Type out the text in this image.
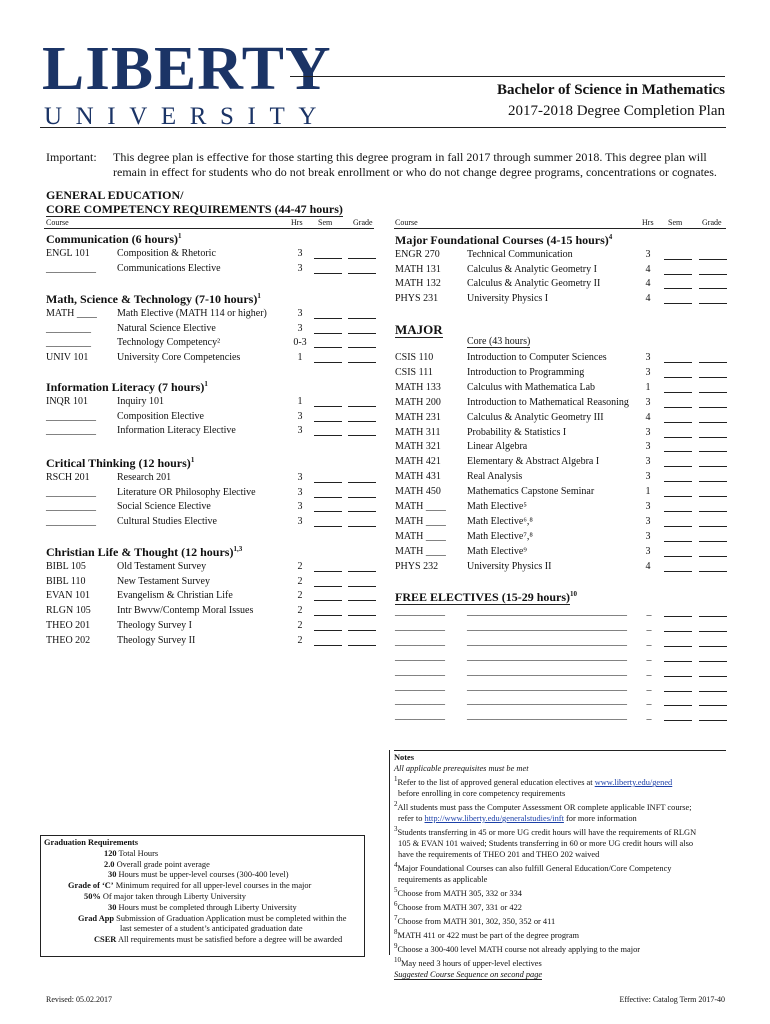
LIBERTY
UNIVERSITY
Bachelor of Science in Mathematics
2017-2018 Degree Completion Plan
Important: This degree plan is effective for those starting this degree program in fall 2017 through summer 2018. This degree plan will remain in effect for students who do not break enrollment or who do not change degree programs, concentrations or cognates.
GENERAL EDUCATION/
CORE COMPETENCY REQUIREMENTS (44-47 hours)
Course	Hrs Sem	Grade
Communication (6 hours)$^1$
ENGL 101	Composition & Rhetoric	3
__________ Communications Elective	3
Math, Science & Technology (7-10 hours)$^1$
MATH ____ Math Elective (MATH 114 or higher)	3
_________	Natural Science Elective	3
_________	Technology Competency²	0-3
UNIV 101	University Core Competencies	1
Information Literacy (7 hours)$^1$
INQR 101	Inquiry 101	1
__________ Composition Elective	3
__________ Information Literacy Elective	3
Critical Thinking (12 hours)$^1$
RSCH 201	Research 201	3
__________ Literature OR Philosophy Elective	3
__________ Social Science Elective	3
__________ Cultural Studies Elective	3
Christian Life & Thought (12 hours)$^{1,3}$
BIBL 105	Old Testament Survey	2
BIBL 110	New Testament Survey	2
EVAN 101	Evangelism & Christian Life	2
RLGN 105	Intr Bwvw/Contemp Moral Issues	2
THEO 201	Theology Survey I	2
THEO 202	Theology Survey II	2
Course	Hrs Sem Grade
Major Foundational Courses (4-15 hours)$^4$
ENGR 270	Technical Communication	3
MATH 131	Calculus & Analytic Geometry I	4
MATH 132	Calculus & Analytic Geometry II	4
PHYS 231	University Physics I	4
MAJOR
Core (43 hours)
CSIS 110	Introduction to Computer Sciences	3
CSIS 111	Introduction to Programming	3
MATH 133	Calculus with Mathematica Lab	1
MATH 200	Introduction to Mathematical Reasoning	3
MATH 231	Calculus & Analytic Geometry III	4
MATH 311	Probability & Statistics I	3
MATH 321	Linear Algebra	3
MATH 421	Elementary & Abstract Algebra I	3
MATH 431	Real Analysis	3
MATH 450	Mathematics Capstone Seminar	1
MATH ____ Math Elective⁵	3
MATH ____ Math Elective⁶,⁸	3
MATH ____ Math Elective⁷,⁸	3
MATH ____ Math Elective⁹	3
PHYS 232	University Physics II	4
FREE ELECTIVES (15-29 hours)$^{10}$
__________ ________________________________ _
__________ ________________________________ _
__________ ________________________________ _
__________ ________________________________ _
__________ ________________________________ _
__________ ________________________________ _
__________ ________________________________ _
__________ ________________________________ _
Notes
All applicable prerequisites must be met
$^1$Refer to the list of approved general education electives at www.liberty.edu/gened
before enrolling in core competency requirements
$^2$All students must pass the Computer Assessment OR complete applicable INFT course;
refer to http://www.liberty.edu/generalstudies/inft for more information
$^3$Students transferring in 45 or more UG credit hours will have the requirements of RLGN
105 & EVAN 101 waived; Students transferring in 60 or more UG credit hours will also
have the requirements of THEO 201 and THEO 202 waived
$^4$Major Foundational Courses can also fulfill General Education/Core Competency
requirements as applicable
$^5$Choose from MATH 305, 332 or 334
$^6$Choose from MATH 307, 331 or 422
$^7$Choose from MATH 301, 302, 350, 352 or 411
$^8$MATH 411 or 422 must be part of the degree program
$^9$Choose a 300-400 level MATH course not already applying to the major
$^{10}$May need 3 hours of upper-level electives
Suggested Course Sequence on second page
Graduation Requirements
120 Total Hours
2.0 Overall grade point average
30 Hours must be upper-level courses (300-400 level)
Grade of ‘C’ Minimum required for all upper-level courses in the major
50% Of major taken through Liberty University
30 Hours must be completed through Liberty University
Grad App Submission of Graduation Application must be completed within the
last semester of a student’s anticipated graduation date
CSER All requirements must be satisfied before a degree will be awarded
Revised: 05.02.2017	Effective: Catalog Term 2017-40
